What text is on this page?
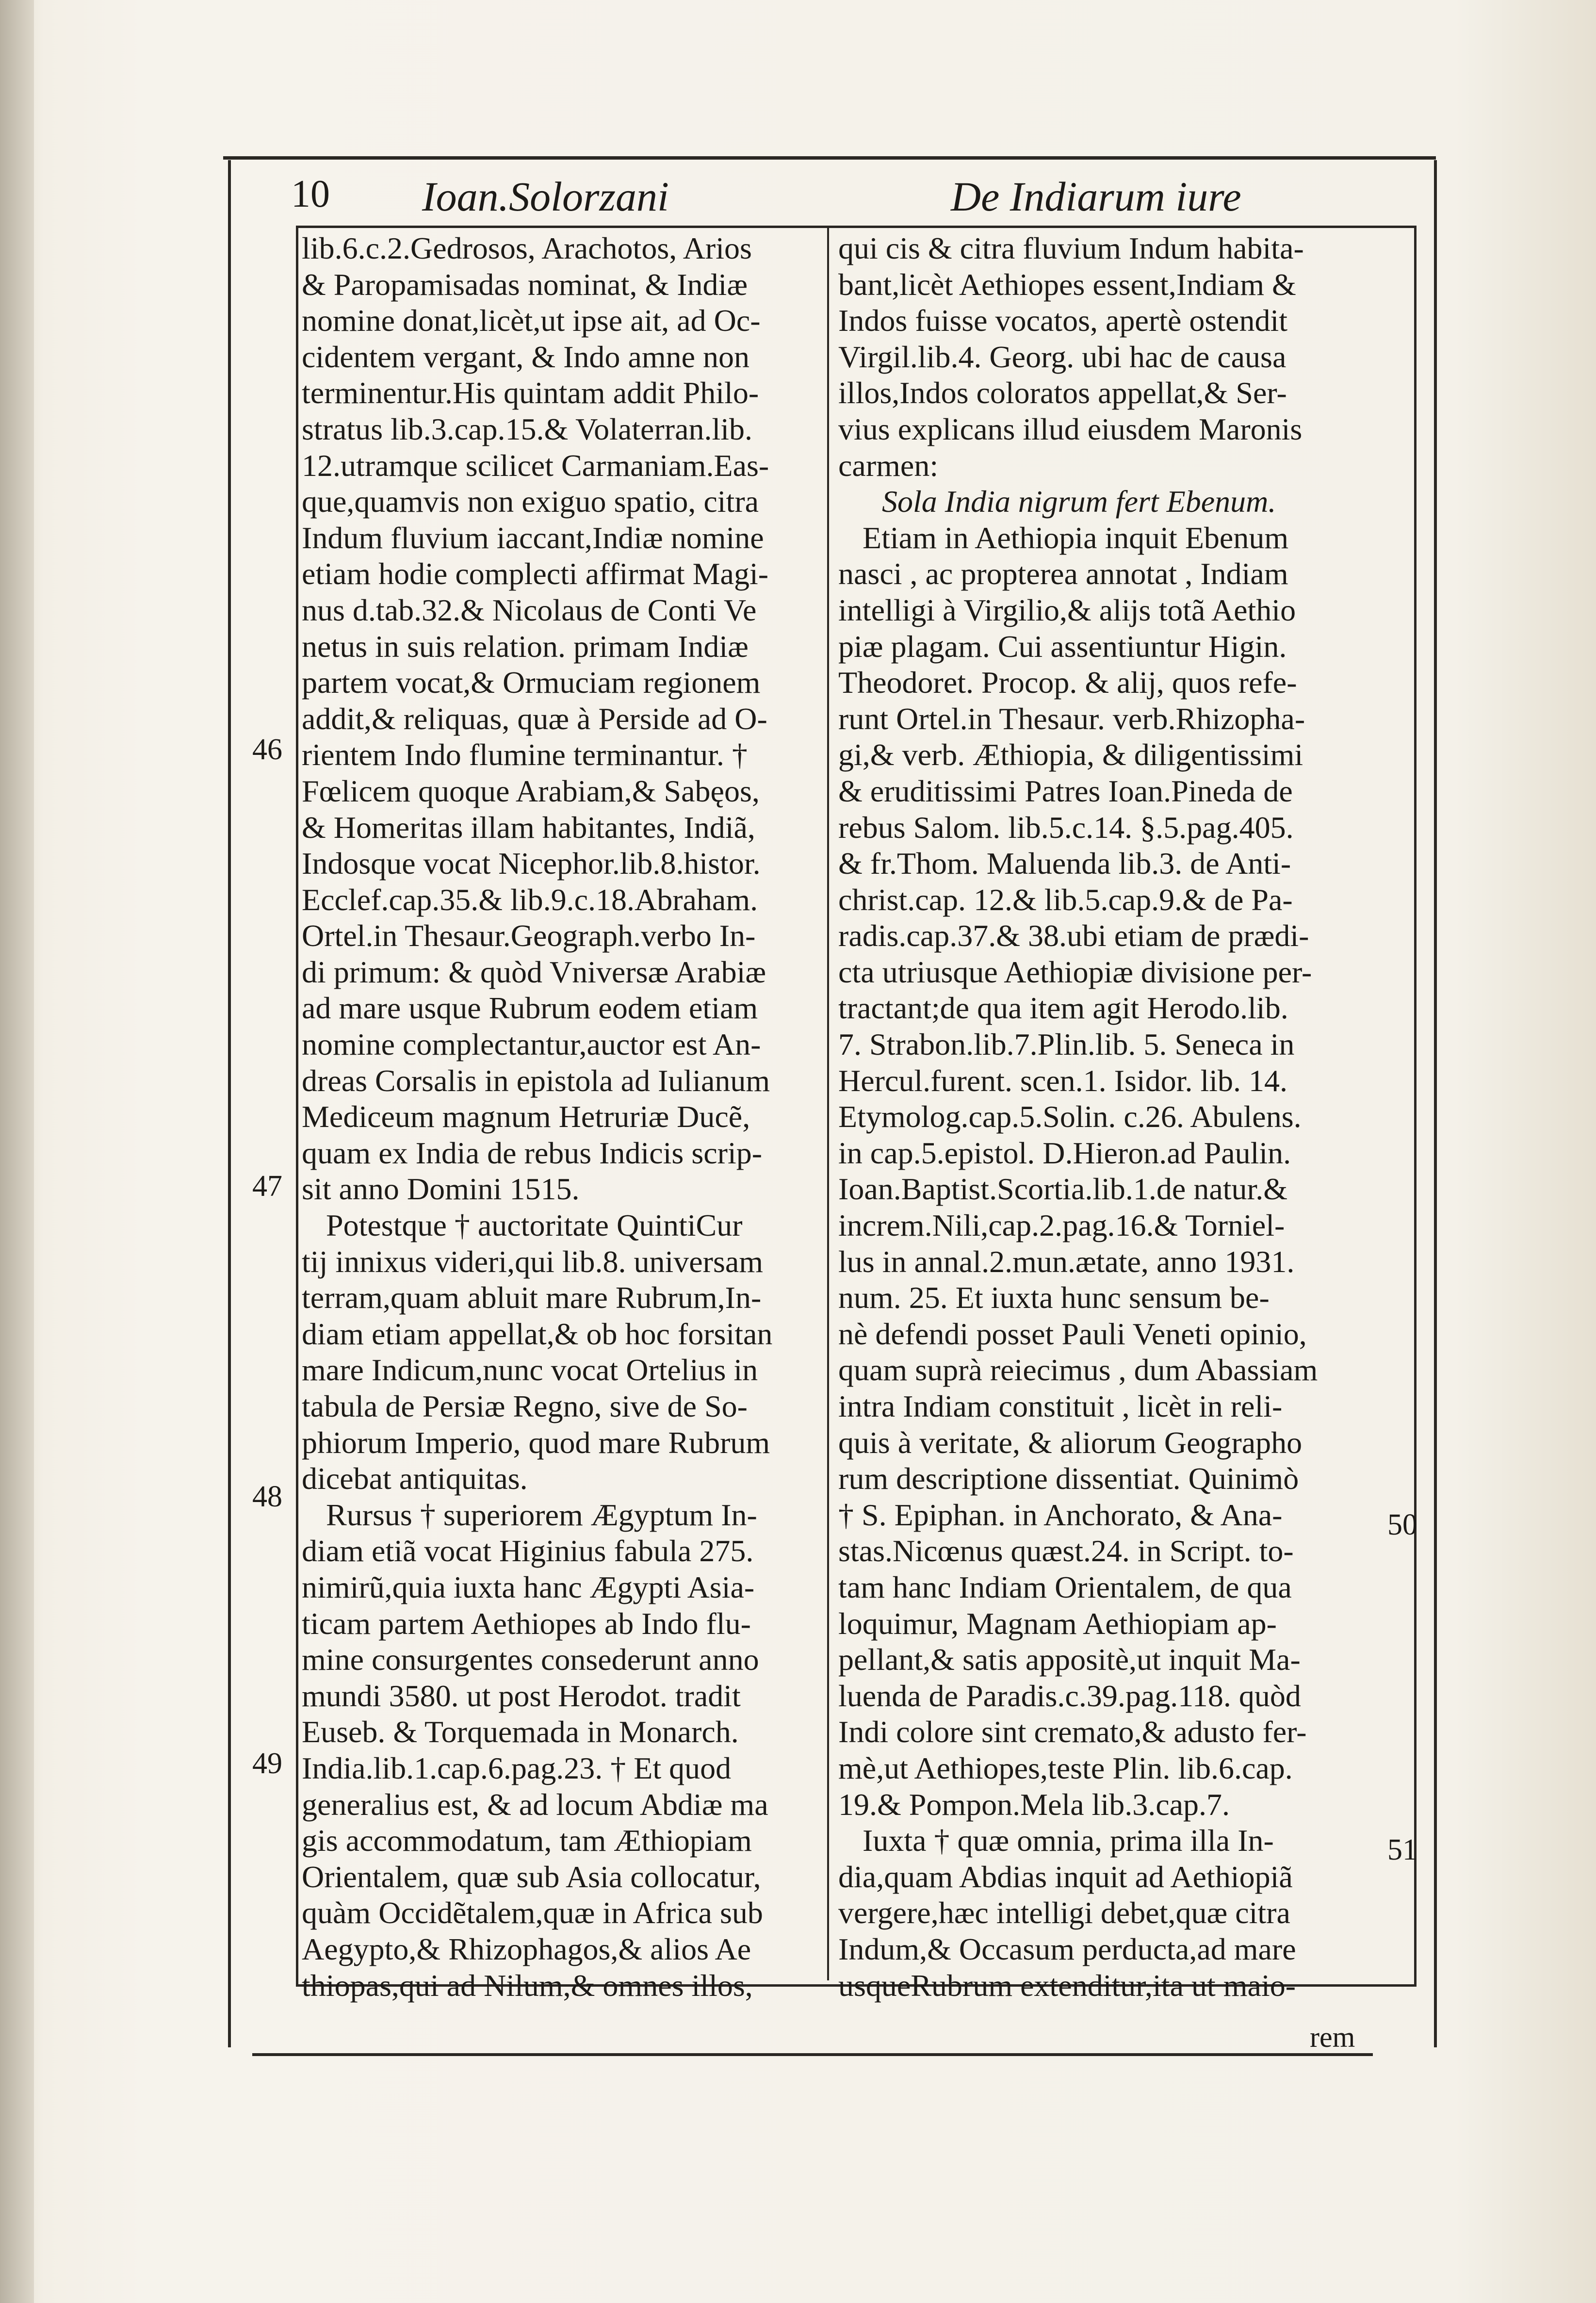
10 Ioan.Solorzani	De Indiarum iure
lib.6.c.2.Gedrosos, Arachotos, Arios
& Paropamisadas nominat, & Indiæ
nomine donat,licèt,ut ipse ait, ad Oc-
cidentem vergant, & Indo amne non
terminentur.His quintam addit Philo-
stratus lib.3.cap.15.& Volaterran.lib.
12.utramque scilicet Carmaniam.Eas-
que,quamvis non exiguo spatio, citra
Indum fluvium iaccant,Indiæ nomine
etiam hodie complecti affirmat Magi-
nus d.tab.32.& Nicolaus de Conti Ve
netus in suis relation. primam Indiæ
partem vocat,& Ormuciam regionem
addit,& reliquas, quæ à Perside ad O-
rientem Indo flumine terminantur. †
Fœlicem quoque Arabiam,& Sabęos,
& Homeritas illam habitantes, Indiã,
Indosque vocat Nicephor.lib.8.histor.
Ecclef.cap.35.& lib.9.c.18.Abraham.
Ortel.in Thesaur.Geograph.verbo In-
di primum: & quòd Vniversæ Arabiæ
ad mare usque Rubrum eodem etiam
nomine complectantur,auctor est An-
dreas Corsalis in epistola ad Iulianum
Mediceum magnum Hetruriæ Ducẽ,
quam ex India de rebus Indicis scrip-
sit anno Domini 1515.
Potestque † auctoritate QuintiCur
tij innixus videri,qui lib.8. universam
terram,quam abluit mare Rubrum,In-
diam etiam appellat,& ob hoc forsitan
mare Indicum,nunc vocat Ortelius in
tabula de Persiæ Regno, sive de So-
phiorum Imperio, quod mare Rubrum
dicebat antiquitas.
Rursus † superiorem Ægyptum In-
diam etiã vocat Higinius fabula 275.
nimirũ,quia iuxta hanc Ægypti Asia-
ticam partem Aethiopes ab Indo flu-
mine consurgentes consederunt anno
mundi 3580. ut post Herodot. tradit
Euseb. & Torquemada in Monarch.
India.lib.1.cap.6.pag.23. † Et quod
generalius est, & ad locum Abdiæ ma
gis accommodatum, tam Æthiopiam
Orientalem, quæ sub Asia collocatur,
quàm Occidẽtalem,quæ in Africa sub
Aegypto,& Rhizophagos,& alios Ae
thiopas,qui ad Nilum,& omnes illos,
qui cis & citra fluvium Indum habita-
bant,licèt Aethiopes essent,Indiam &
Indos fuisse vocatos, apertè ostendit
Virgil.lib.4. Georg. ubi hac de causa
illos,Indos coloratos appellat,& Ser-
vius explicans illud eiusdem Maronis
carmen:
Sola India nigrum fert Ebenum.
Etiam in Aethiopia inquit Ebenum
nasci , ac propterea annotat , Indiam
intelligi à Virgilio,& alijs totã Aethio
piæ plagam. Cui assentiuntur Higin.
Theodoret. Procop. & alij, quos refe-
runt Ortel.in Thesaur. verb.Rhizopha-
gi,& verb. Æthiopia, & diligentissimi
& eruditissimi Patres Ioan.Pineda de
rebus Salom. lib.5.c.14. §.5.pag.405.
& fr.Thom. Maluenda lib.3. de Anti-
christ.cap. 12.& lib.5.cap.9.& de Pa-
radis.cap.37.& 38.ubi etiam de prædi-
cta utriusque Aethiopiæ divisione per-
tractant;de qua item agit Herodo.lib.
7. Strabon.lib.7.Plin.lib. 5. Seneca in
Hercul.furent. scen.1. Isidor. lib. 14.
Etymolog.cap.5.Solin. c.26. Abulens.
in cap.5.epistol. D.Hieron.ad Paulin.
Ioan.Baptist.Scortia.lib.1.de natur.&
increm.Nili,cap.2.pag.16.& Torniel-
lus in annal.2.mun.ætate, anno 1931.
num. 25. Et iuxta hunc sensum be-
nè defendi posset Pauli Veneti opinio,
quam suprà reiecimus , dum Abassiam
intra Indiam constituit , licèt in reli-
quis à veritate, & aliorum Geographo
rum descriptione dissentiat. Quinimò
† S. Epiphan. in Anchorato, & Ana-
stas.Nicœnus quæst.24. in Script. to-
tam hanc Indiam Orientalem, de qua
loquimur, Magnam Aethiopiam ap-
pellant,& satis appositè,ut inquit Ma-
luenda de Paradis.c.39.pag.118. quòd
Indi colore sint cremato,& adusto fer-
mè,ut Aethiopes,teste Plin. lib.6.cap.
19.& Pompon.Mela lib.3.cap.7.
Iuxta † quæ omnia, prima illa In-
dia,quam Abdias inquit ad Aethiopiã
vergere,hæc intelligi debet,quæ citra
Indum,& Occasum perducta,ad mare
usqueRubrum extenditur,ita ut maio-
46
47
48
49
50
51
rem
